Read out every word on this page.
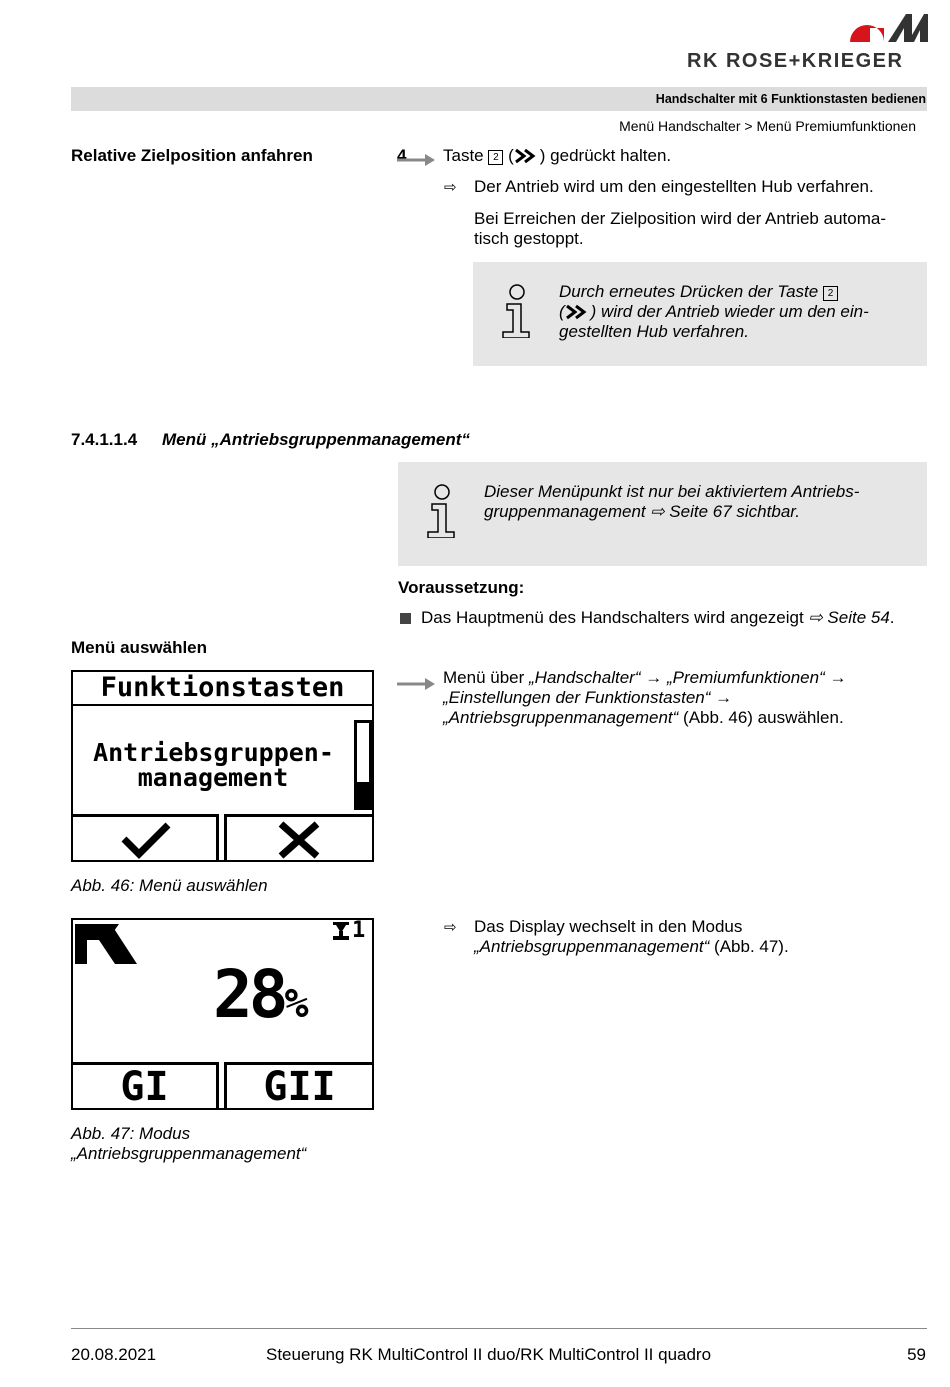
RK ROSE+KRIEGER
Handschalter mit 6 Funktionstasten bedienen
Menü Handschalter > Menü Premiumfunktionen
Relative Zielposition anfahren	4. Taste 2 ( ) gedrückt halten.
⇨ Der Antrieb wird um den eingestellten Hub verfahren.
Bei Erreichen der Zielposition wird der Antrieb automa-tisch gestoppt.
Durch erneutes Drücken der Taste 2
( ) wird der Antrieb wieder um den ein-
gestellten Hub verfahren.
7.4.1.1.4 Menü „Antriebsgruppenmanagement“
Dieser Menüpunkt ist nur bei aktiviertem Antriebs-
gruppenmanagement ⇨ Seite 67 sichtbar.
Voraussetzung:
Das Hauptmenü des Handschalters wird angezeigt ⇨ Seite 54.
Menü auswählen
Menü über „Handschalter“ → „Premiumfunktionen“ →
„Einstellungen der Funktionstasten“ →
„Antriebsgruppenmanagement“ (Abb. 46) auswählen.
Funktionstasten
Antriebsgruppen-
management
Abb. 46: Menü auswählen
⇨ Das Display wechselt in den Modus
„Antriebsgruppenmanagement“ (Abb. 47).
1
28%
GI	GII
Abb. 47: Modus
„Antriebsgruppenmanagement“
20.08.2021	Steuerung RK MultiControl II duo/RK MultiControl II quadro	59
